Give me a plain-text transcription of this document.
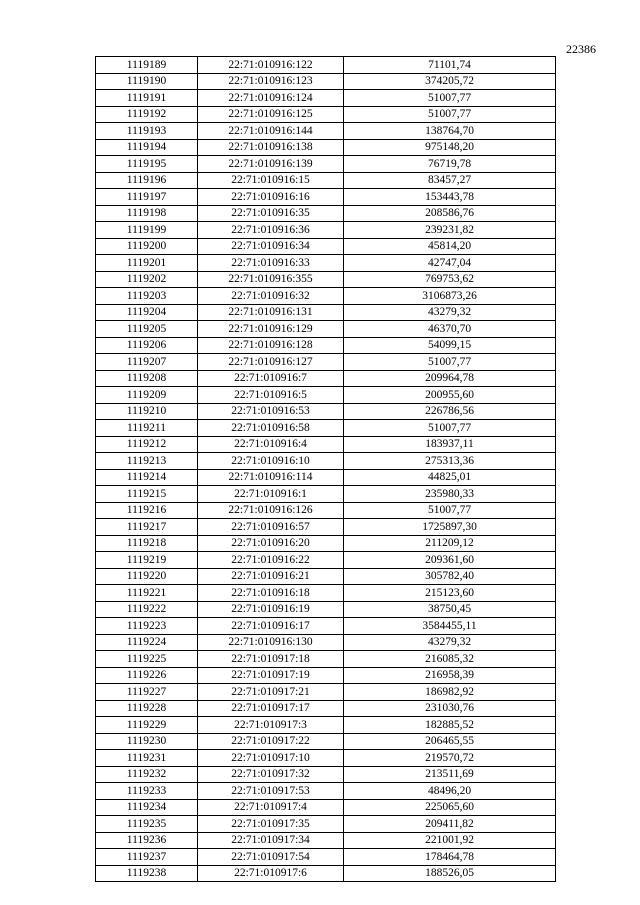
22386
1119189	22:71:010916:122	71101,74
1119190	22:71:010916:123	374205,72
1119191	22:71:010916:124	51007,77
1119192	22:71:010916:125	51007,77
1119193	22:71:010916:144	138764,70
1119194	22:71:010916:138	975148,20
1119195	22:71:010916:139	76719,78
1119196	22:71:010916:15	83457,27
1119197	22:71:010916:16	153443,78
1119198	22:71:010916:35	208586,76
1119199	22:71:010916:36	239231,82
1119200	22:71:010916:34	45814,20
1119201	22:71:010916:33	42747,04
1119202	22:71:010916:355	769753,62
1119203	22:71:010916:32	3106873,26
1119204	22:71:010916:131	43279,32
1119205	22:71:010916:129	46370,70
1119206	22:71:010916:128	54099,15
1119207	22:71:010916:127	51007,77
1119208	22:71:010916:7	209964,78
1119209	22:71:010916:5	200955,60
1119210	22:71:010916:53	226786,56
1119211	22:71:010916:58	51007,77
1119212	22:71:010916:4	183937,11
1119213	22:71:010916:10	275313,36
1119214	22:71:010916:114	44825,01
1119215	22:71:010916:1	235980,33
1119216	22:71:010916:126	51007,77
1119217	22:71:010916:57	1725897,30
1119218	22:71:010916:20	211209,12
1119219	22:71:010916:22	209361,60
1119220	22:71:010916:21	305782,40
1119221	22:71:010916:18	215123,60
1119222	22:71:010916:19	38750,45
1119223	22:71:010916:17	3584455,11
1119224	22:71:010916:130	43279,32
1119225	22:71:010917:18	216085,32
1119226	22:71:010917:19	216958,39
1119227	22:71:010917:21	186982,92
1119228	22:71:010917:17	231030,76
1119229	22:71:010917:3	182885,52
1119230	22:71:010917:22	206465,55
1119231	22:71:010917:10	219570,72
1119232	22:71:010917:32	213511,69
1119233	22:71:010917:53	48496,20
1119234	22:71:010917:4	225065,60
1119235	22:71:010917:35	209411,82
1119236	22:71:010917:34	221001,92
1119237	22:71:010917:54	178464,78
1119238	22:71:010917:6	188526,05
